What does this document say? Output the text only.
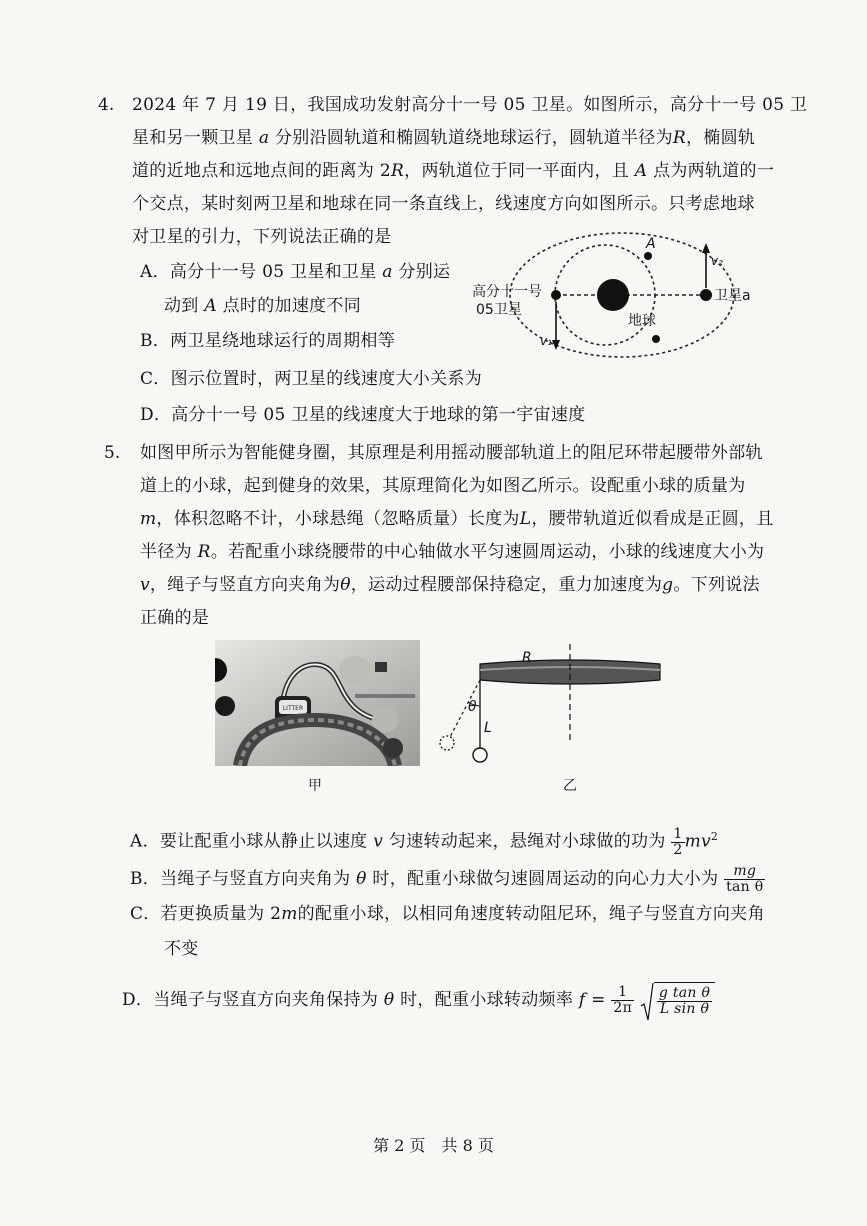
4. 2024 年 7 月 19 日，我国成功发射高分十一号 05 卫星。如图所示，高分十一号 05 卫
星和另一颗卫星 a 分别沿圆轨道和椭圆轨道绕地球运行，圆轨道半径为R，椭圆轨
道的近地点和远地点间的距离为 2R，两轨道位于同一平面内，且 A 点为两轨道的一
个交点，某时刻两卫星和地球在同一条直线上，线速度方向如图所示。只考虑地球
对卫星的引力，下列说法正确的是
A．高分十一号 05 卫星和卫星 a 分别运
动到 A 点时的加速度不同
B．两卫星绕地球运行的周期相等
C．图示位置时，两卫星的线速度大小关系为
D．高分十一号 05 卫星的线速度大于地球的第一宇宙速度
高分十一号
05卫星
卫星a
地球
A
v₁
v₂
5. 如图甲所示为智能健身圈，其原理是利用摇动腰部轨道上的阻尼环带起腰带外部轨
道上的小球，起到健身的效果，其原理简化为如图乙所示。设配重小球的质量为
m，体积忽略不计，小球悬绳（忽略质量）长度为L，腰带轨道近似看成是正圆，且
半径为 R。若配重小球绕腰带的中心轴做水平匀速圆周运动，小球的线速度大小为
v，绳子与竖直方向夹角为θ，运动过程腰部保持稳定，重力加速度为g。下列说法
正确的是
LITTER
甲
R
θ
L
乙
A．要让配重小球从静止以速度 v 匀速转动起来，悬绳对小球做的功为 $\frac{1}{2} mv^2$
B．当绳子与竖直方向夹角为 θ 时，配重小球做匀速圆周运动的向心力大小为 $\frac{mg}{\text{tan θ}}$
C．若更换质量为 2m的配重小球，以相同角速度转动阻尼环，绳子与竖直方向夹角
不变
D．当绳子与竖直方向夹角保持为 θ 时，配重小球转动频率 $f = \frac{1}{2\pi}$
$\frac{\text{g tan θ}}{\text{L sin θ}}$
第 2 页　共 8 页
